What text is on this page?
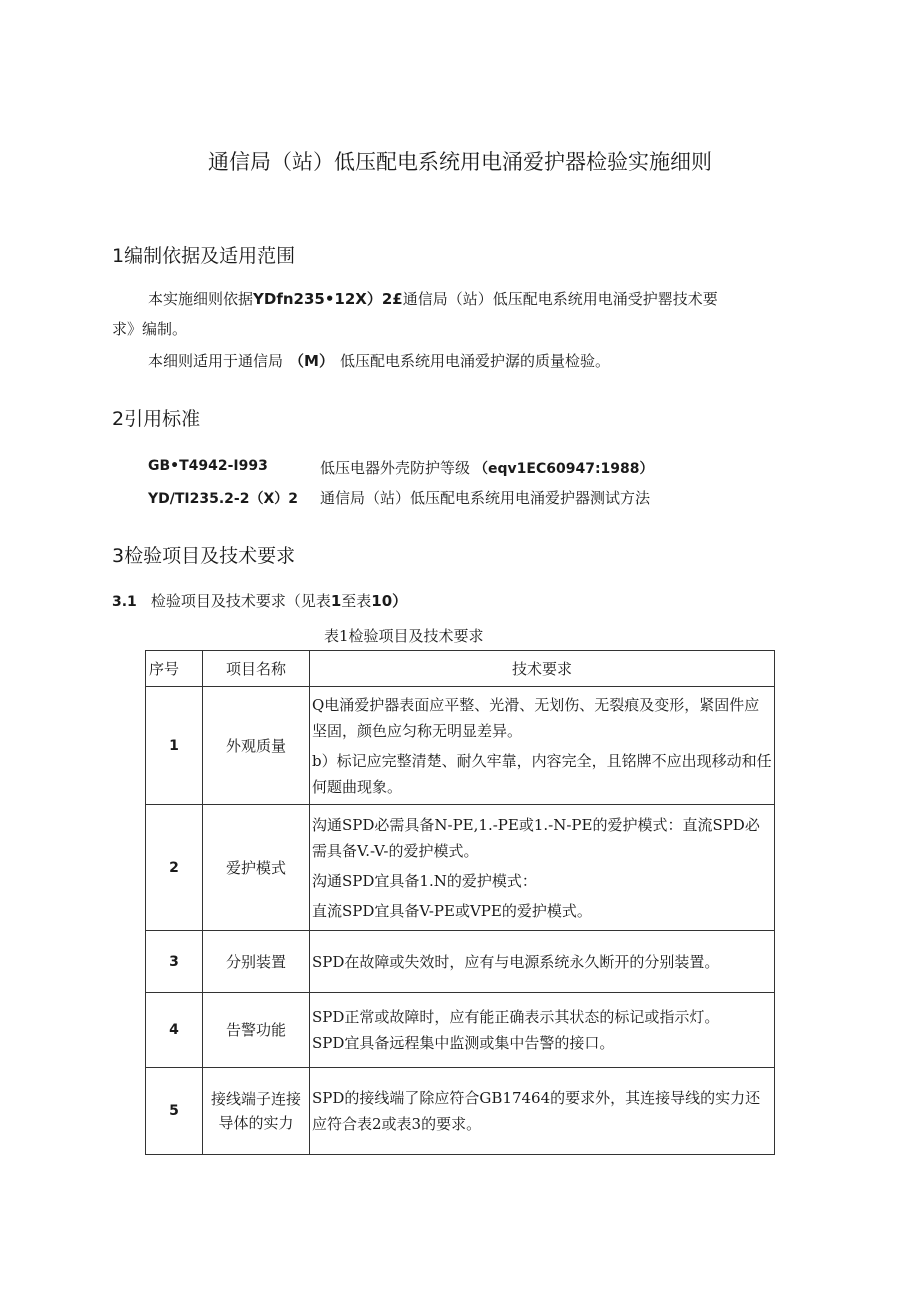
通信局（站）低压配电系统用电涌爱护器检验实施细则
1编制依据及适用范围
本实施细则依据YDfn235•12X）2£通信局（站）低压配电系统用电涌受护罂技术要
求》编制。
本细则适用于通信局 （M） 低压配电系统用电涌爱护潺的质量检验。
2引用标准
GB•T4942-I993	低压电器外壳防护等级 （eqv1EC60947:1988）
YD/TI235.2-2（X）2 通信局（站）低压配电系统用电涌爱护器测试方法
3检验项目及技术要求
3.1 检验项目及技术要求（见表1至表10）
表1检验项目及技术要求
序号	项目名称	技术要求
1	外观质量	Q电涌爱护器表面应平整、光滑、无划伤、无裂痕及变形，紧固件应坚固，颜色应匀称无明显差异。
b）标记应完整清楚、耐久牢靠，内容完全，且铭牌不应出现移动和任何题曲现象。

2	爱护模式	沟通SPD必需具备N-PE,1.-PE或1.-N-PE的爱护模式：直流SPD必需具备V.-V-的爱护模式。
沟通SPD宜具备1.N的爱护模式：
直流SPD宜具备V-PE或VPE的爱护模式。

3	分别装置	SPD在故障或失效时，应有与电源系统永久断开的分别装置。

4	告警功能	SPD正常或故障时，应有能正确表示其状态的标记或指示灯。
SPD宜具备远程集中监测或集中告警的接口。

5	接线端子连接导体的实力	SPD的接线端了除应符合GB17464的要求外，其连接导线的实力还应符合表2或表3的要求。
